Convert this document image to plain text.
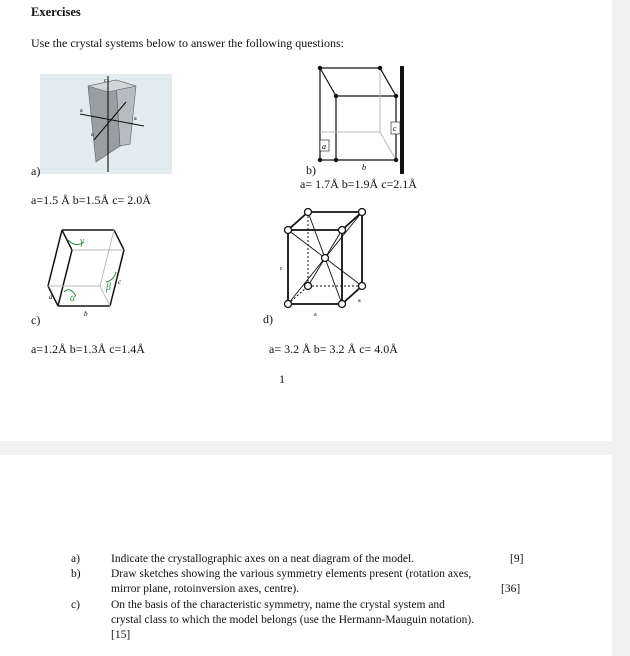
Exercises
Use the crystal systems below to answer the following questions:
c
a
a
a
a)
a=1.5 Å b=1.5Å c= 2.0Å
a
b
c
b)
a= 1.7Å b=1.9Å c=2.1Å
γ
α
β
a
b
c
c)
a=1.2Å b=1.3Å c=1.4Å
c
a
a
d)
a= 3.2 Å b= 3.2 Å c= 4.0Å
1
a)	Indicate the crystallographic axes on a neat diagram of the model.	[9]
b)	Draw sketches showing the various symmetry elements present (rotation axes,
mirror plane, rotoinversion axes, centre).	[36]
c)	On the basis of the characteristic symmetry, name the crystal system and
crystal class to which the model belongs (use the Hermann-Mauguin notation).
[15]
